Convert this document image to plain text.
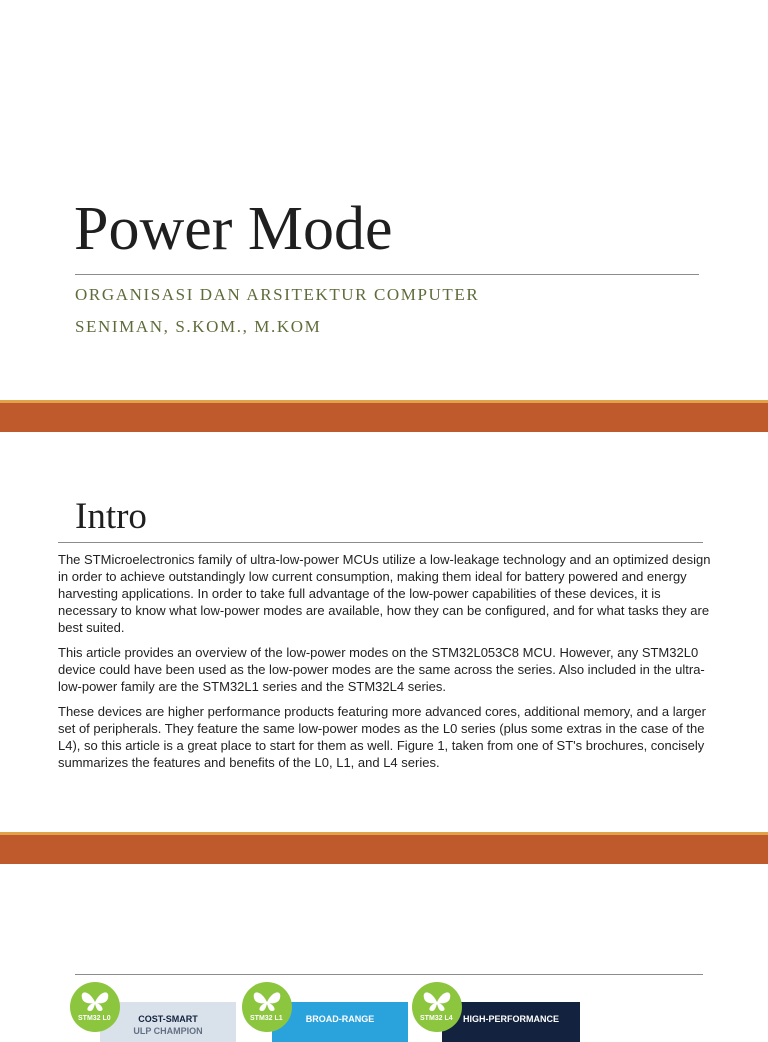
Power Mode

ORGANISASI DAN ARSITEKTUR COMPUTER

SENIMAN, S.KOM., M.KOM

Intro

The STMicroelectronics family of ultra-low-power MCUs utilize a low-leakage technology and an optimized design in order to achieve outstandingly low current consumption, making them ideal for battery powered and energy harvesting applications. In order to take full advantage of the low-power capabilities of these devices, it is necessary to know what low-power modes are available, how they can be configured, and for what tasks they are best suited.

This article provides an overview of the low-power modes on the STM32L053C8 MCU. However, any STM32L0 device could have been used as the low-power modes are the same across the series. Also included in the ultra-low-power family are the STM32L1 series and the STM32L4 series.

These devices are higher performance products featuring more advanced cores, additional memory, and a larger set of peripherals. They feature the same low-power modes as the L0 series (plus some extras in the case of the L4), so this article is a great place to start for them as well. Figure 1, taken from one of ST's brochures, concisely summarizes the features and benefits of the L0, L1, and L4 series.

COST-SMART
ULP CHAMPION
STM32 L0	BROAD-RANGE
STM32 L1	HIGH-PERFORMANCE
STM32 L4
